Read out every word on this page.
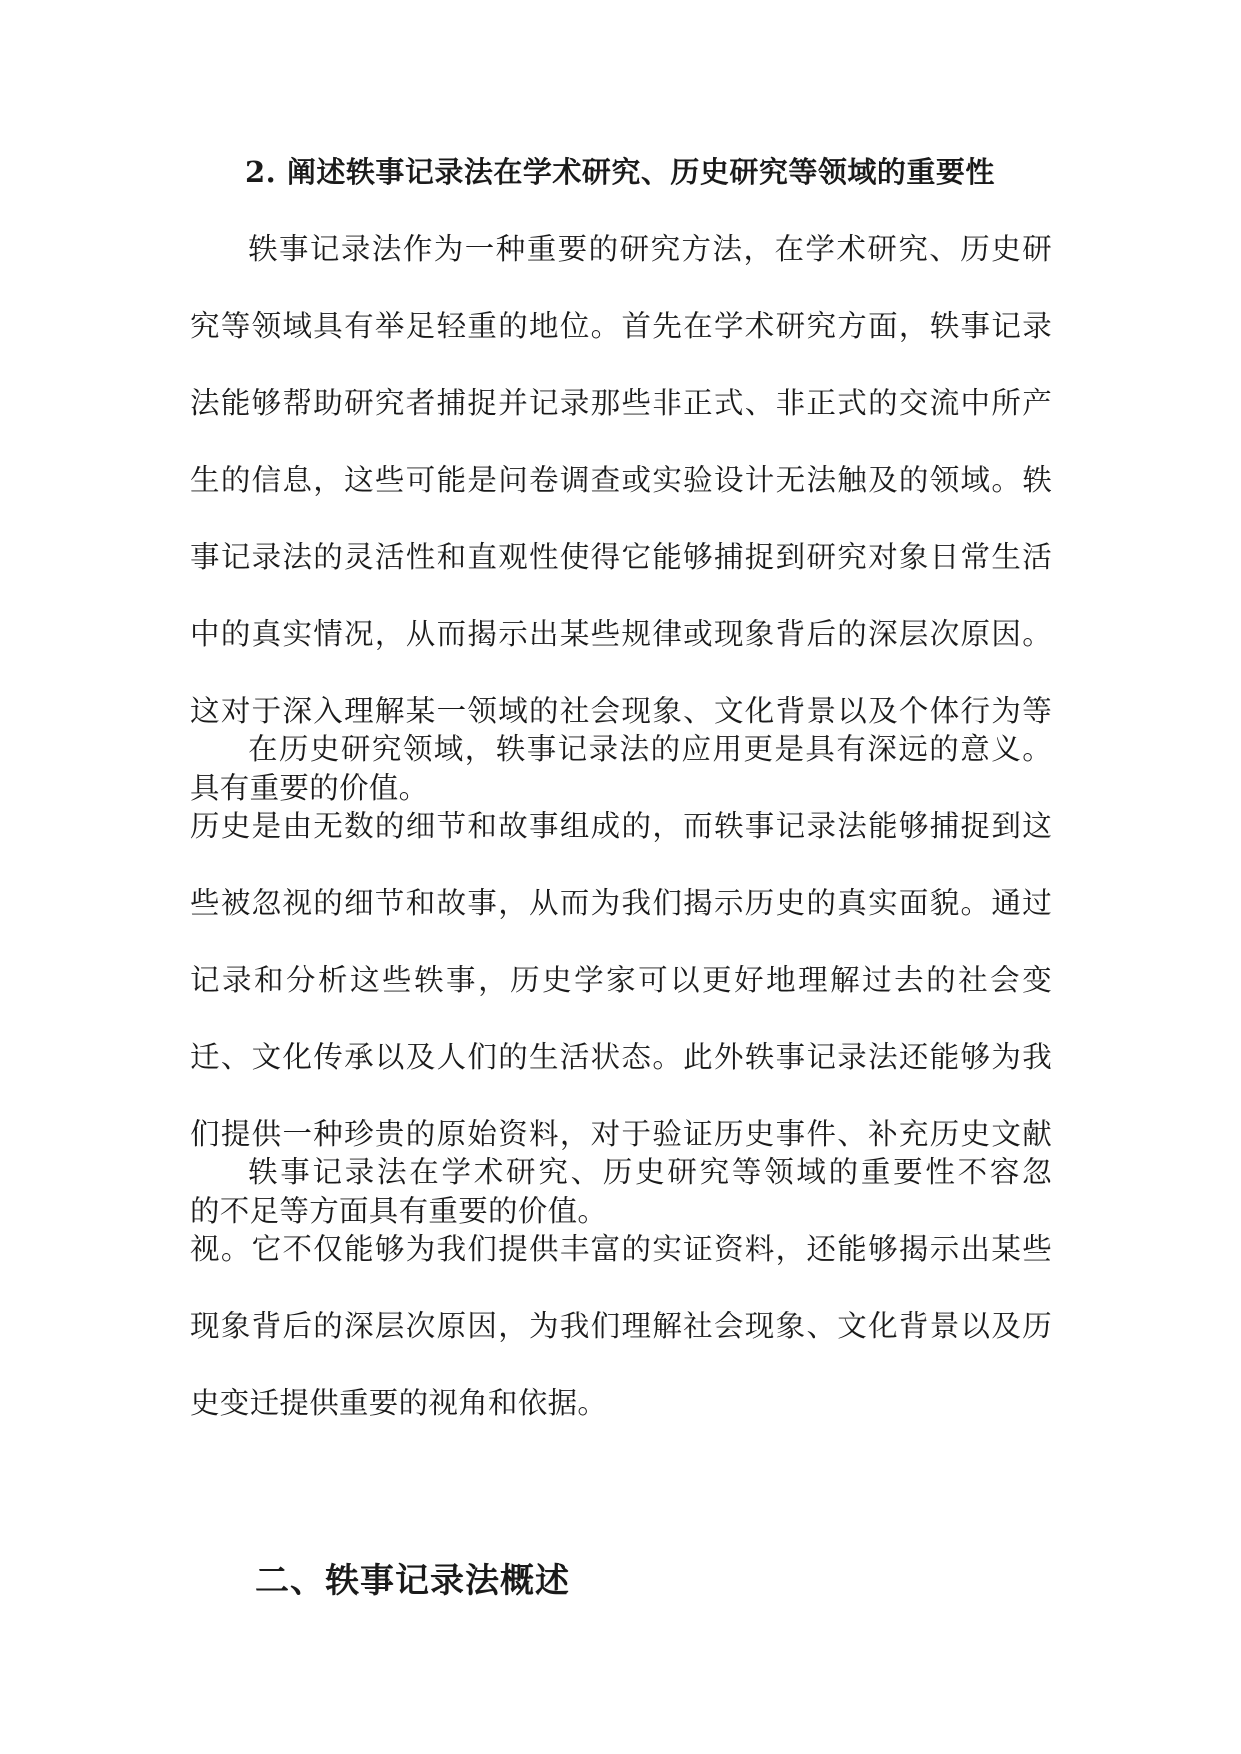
2. 阐述轶事记录法在学术研究、历史研究等领域的重要性

轶事记录法作为一种重要的研究方法，在学术研究、历史研究等领域具有举足轻重的地位。首先在学术研究方面，轶事记录法能够帮助研究者捕捉并记录那些非正式、非正式的交流中所产生的信息，这些可能是问卷调查或实验设计无法触及的领域。轶事记录法的灵活性和直观性使得它能够捕捉到研究对象日常生活中的真实情况，从而揭示出某些规律或现象背后的深层次原因。这对于深入理解某一领域的社会现象、文化背景以及个体行为等具有重要的价值。

在历史研究领域，轶事记录法的应用更是具有深远的意义。历史是由无数的细节和故事组成的，而轶事记录法能够捕捉到这些被忽视的细节和故事，从而为我们揭示历史的真实面貌。通过记录和分析这些轶事，历史学家可以更好地理解过去的社会变迁、文化传承以及人们的生活状态。此外轶事记录法还能够为我们提供一种珍贵的原始资料，对于验证历史事件、补充历史文献的不足等方面具有重要的价值。

轶事记录法在学术研究、历史研究等领域的重要性不容忽视。它不仅能够为我们提供丰富的实证资料，还能够揭示出某些现象背后的深层次原因，为我们理解社会现象、文化背景以及历史变迁提供重要的视角和依据。

二、轶事记录法概述
